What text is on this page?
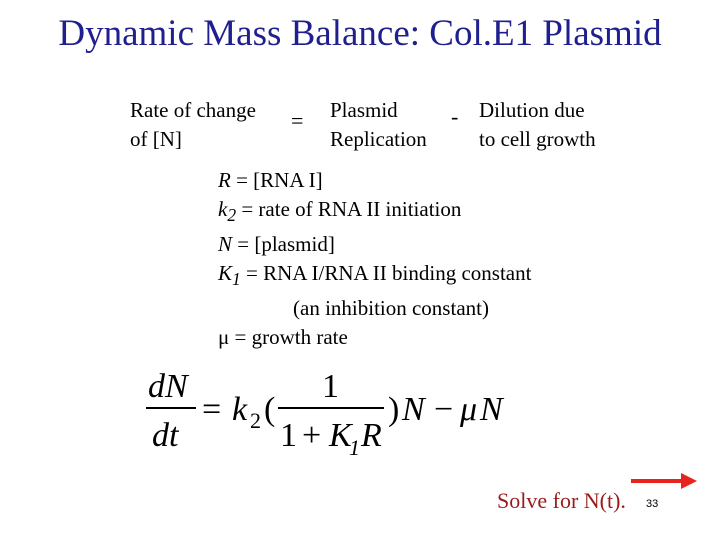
Dynamic Mass Balance: Col.E1 Plasmid
Rate of change
of [N]
= Plasmid
Replication
- Dilution due
to cell growth
R = [RNA I]
$k_2$ = rate of RNA II initiation
N = [plasmid]
$K_1$ = RNA I/RNA II binding constant
(an inhibition constant)
μ = growth rate
dN
dt
= k 2 (
1
1 + K
1 R
) N − μ N
Solve for N(t). 33
